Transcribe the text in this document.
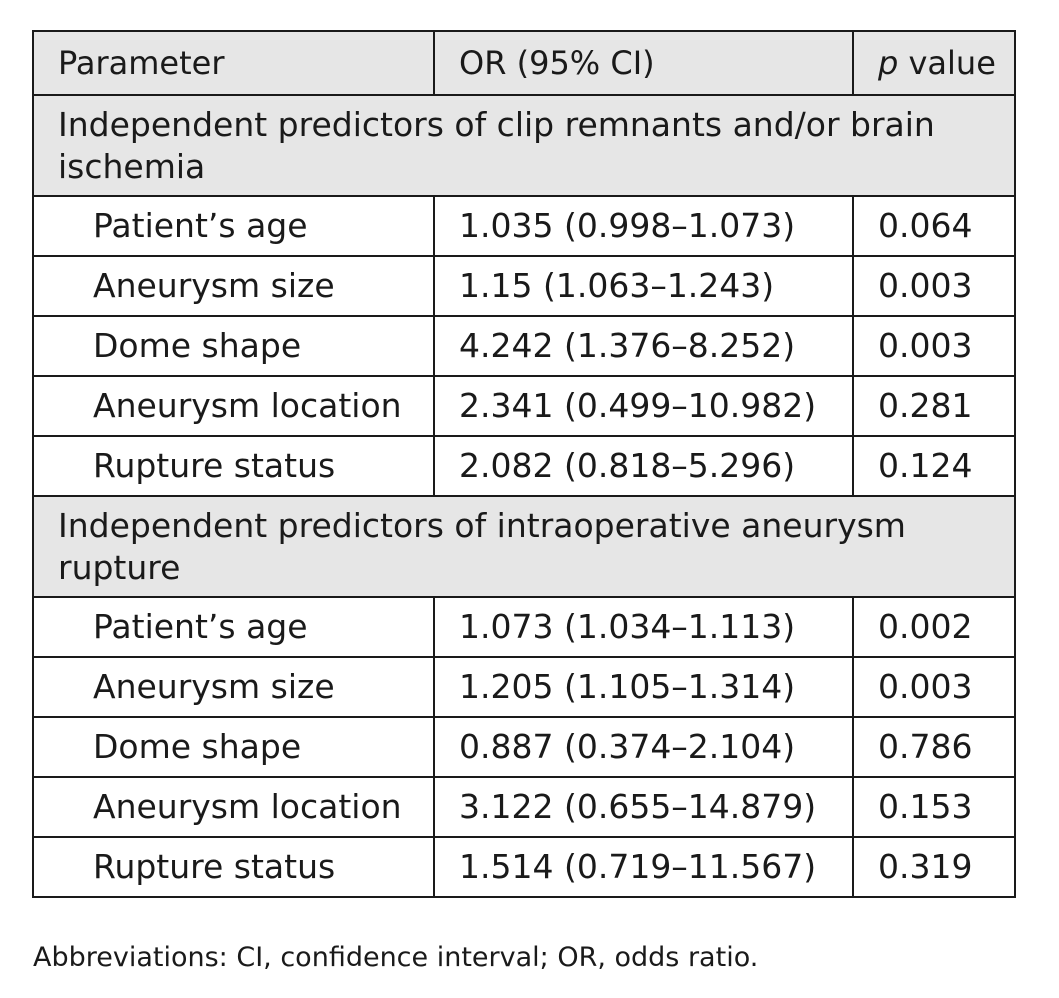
Parameter	OR (95% CI)	p value
Independent predictors of clip remnants and/or brain ischemia		
Patient’s age	1.035 (0.998–1.073)	0.064
Aneurysm size	1.15 (1.063–1.243)	0.003
Dome shape	4.242 (1.376–8.252)	0.003
Aneurysm location	2.341 (0.499–10.982)	0.281
Rupture status	2.082 (0.818–5.296)	0.124
Independent predictors of intraoperative aneurysm rupture		
Patient’s age	1.073 (1.034–1.113)	0.002
Aneurysm size	1.205 (1.105–1.314)	0.003
Dome shape	0.887 (0.374–2.104)	0.786
Aneurysm location	3.122 (0.655–14.879)	0.153
Rupture status	1.514 (0.719–11.567)	0.319
Abbreviations: CI, confidence interval; OR, odds ratio.
